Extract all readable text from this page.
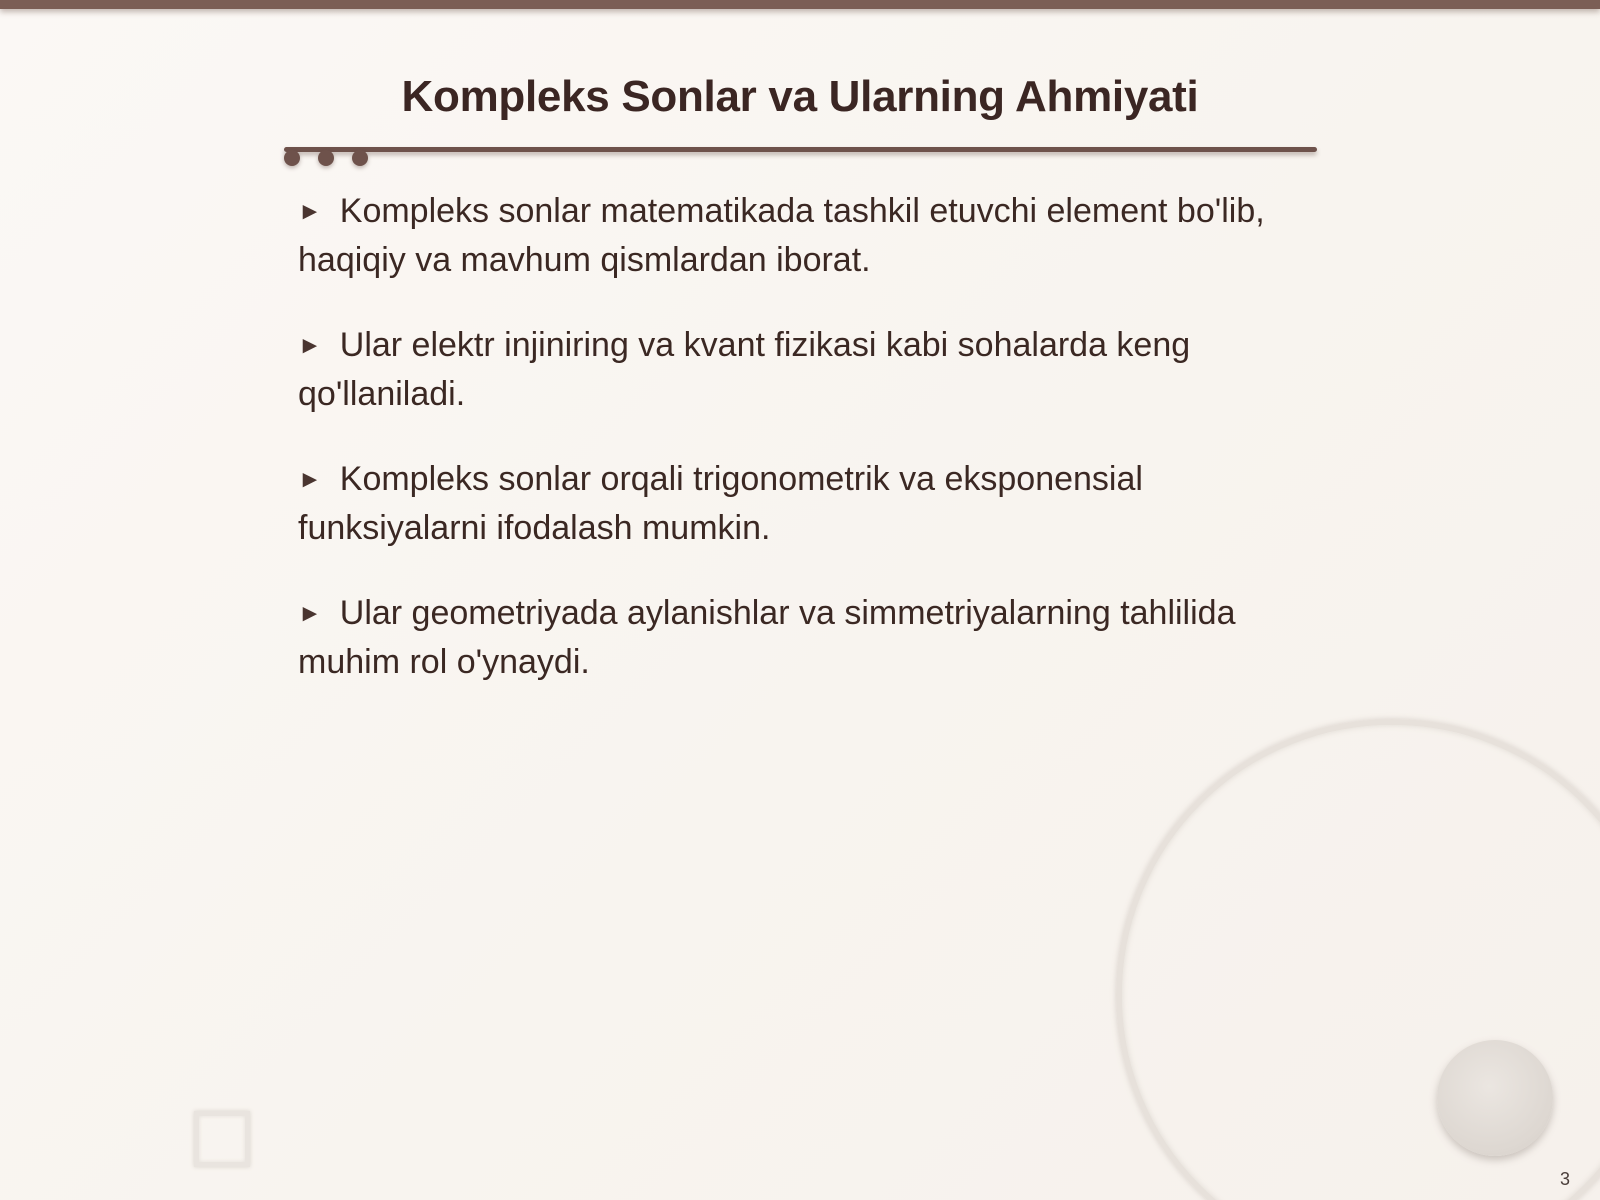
Kompleks Sonlar va Ularning Ahmiyati

► Kompleks sonlar matematikada tashkil etuvchi element bo'lib, haqiqiy va mavhum qismlardan iborat.

► Ular elektr injiniring va kvant fizikasi kabi sohalarda keng qo'llaniladi.

► Kompleks sonlar orqali trigonometrik va eksponensial funksiyalarni ifodalash mumkin.

► Ular geometriyada aylanishlar va simmetriyalarning tahlilida muhim rol o'ynaydi.

3
